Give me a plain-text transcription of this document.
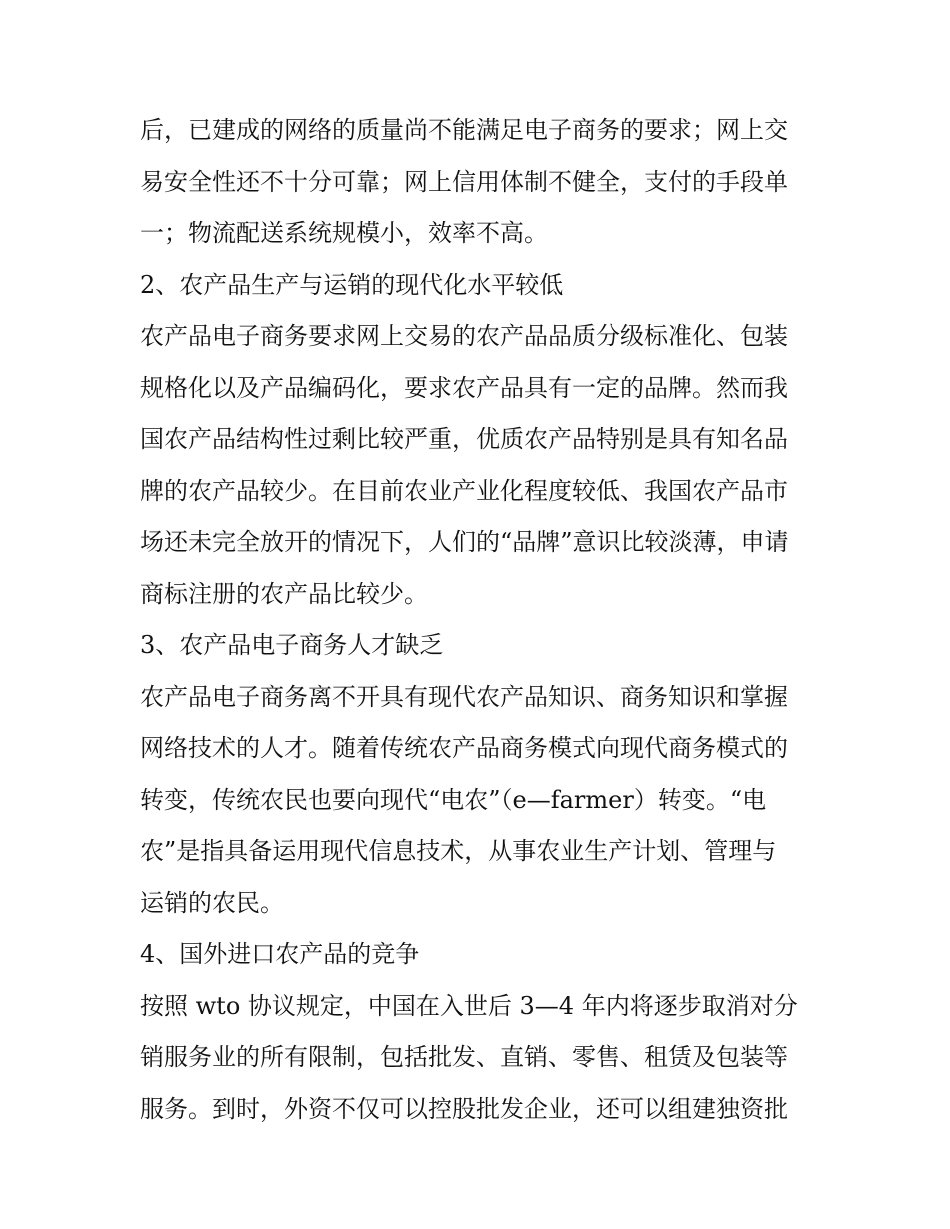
后，已建成的网络的质量尚不能满足电子商务的要求；网上交

易安全性还不十分可靠；网上信用体制不健全，支付的手段单

一；物流配送系统规模小，效率不高。

2、农产品生产与运销的现代化水平较低

农产品电子商务要求网上交易的农产品品质分级标准化、包装

规格化以及产品编码化，要求农产品具有一定的品牌。然而我

国农产品结构性过剩比较严重，优质农产品特别是具有知名品

牌的农产品较少。在目前农业产业化程度较低、我国农产品市

场还未完全放开的情况下，人们的“品牌”意识比较淡薄，申请

商标注册的农产品比较少。

3、农产品电子商务人才缺乏

农产品电子商务离不开具有现代农产品知识、商务知识和掌握

网络技术的人才。随着传统农产品商务模式向现代商务模式的

转变，传统农民也要向现代“电农”（e—farmer）转变。“电

农”是指具备运用现代信息技术，从事农业生产计划、管理与

运销的农民。

4、国外进口农产品的竞争

按照 wto 协议规定，中国在入世后 3—4 年内将逐步取消对分

销服务业的所有限制，包括批发、直销、零售、租赁及包装等

服务。到时，外资不仅可以控股批发企业，还可以组建独资批
